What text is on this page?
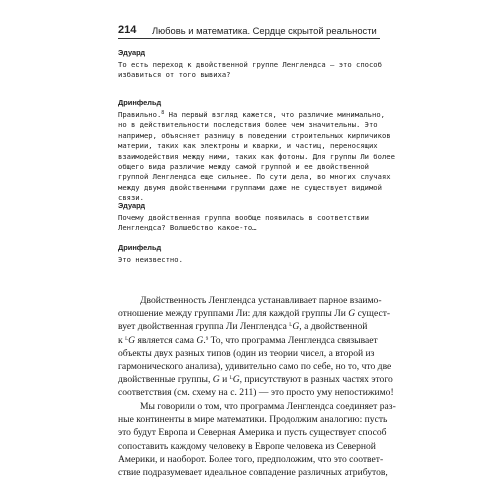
214 Любовь и математика. Сердце скрытой реальности
Эдуард
То есть переход к двойственной группе Ленглендса — это способ
избавиться от того вывиха?
Дринфельд
Правильно.$^8$ На первый взгляд кажется, что различие минимально,
но в действительности последствия более чем значительны. Это
например, объясняет разницу в поведении строительных кирпичиков
материи, таких как электроны и кварки, и частиц, переносящих
взаимодействия между ними, таких как фотоны. Для группы Ли более
общего вида различие между самой группой и ее двойственной
группой Ленглендса еще сильнее. По сути дела, во многих случаях
между двумя двойственными группами даже не существует видимой
связи.
Эдуард
Почему двойственная группа вообще появилась в соответствии
Ленглендса? Волшебство какое-то…
Дринфельд
Это неизвестно.
Двойственность Ленглендса устанавливает парное взаимо-
отношение между группами Ли: для каждой группы Ли G сущест-
вует двойственная группа Ли Ленглендса $^L$G, а двойственной
к $^L$G является сама G.$^9$ То, что программа Ленглендса связывает
объекты двух разных типов (один из теории чисел, а второй из
гармонического анализа), удивительно само по себе, но то, что две
двойственные группы, G и $^L$G, присутствуют в разных частях этого
соответствия (см. схему на с. 211) — это просто уму непостижимо!
Мы говорили о том, что программа Ленглендса соединяет раз-
ные континенты в мире математики. Продолжим аналогию: пусть
это будут Европа и Северная Америка и пусть существует способ
сопоставить каждому человеку в Европе человека из Северной
Америки, и наоборот. Более того, предположим, что это соответ-
ствие подразумевает идеальное совпадение различных атрибутов,
